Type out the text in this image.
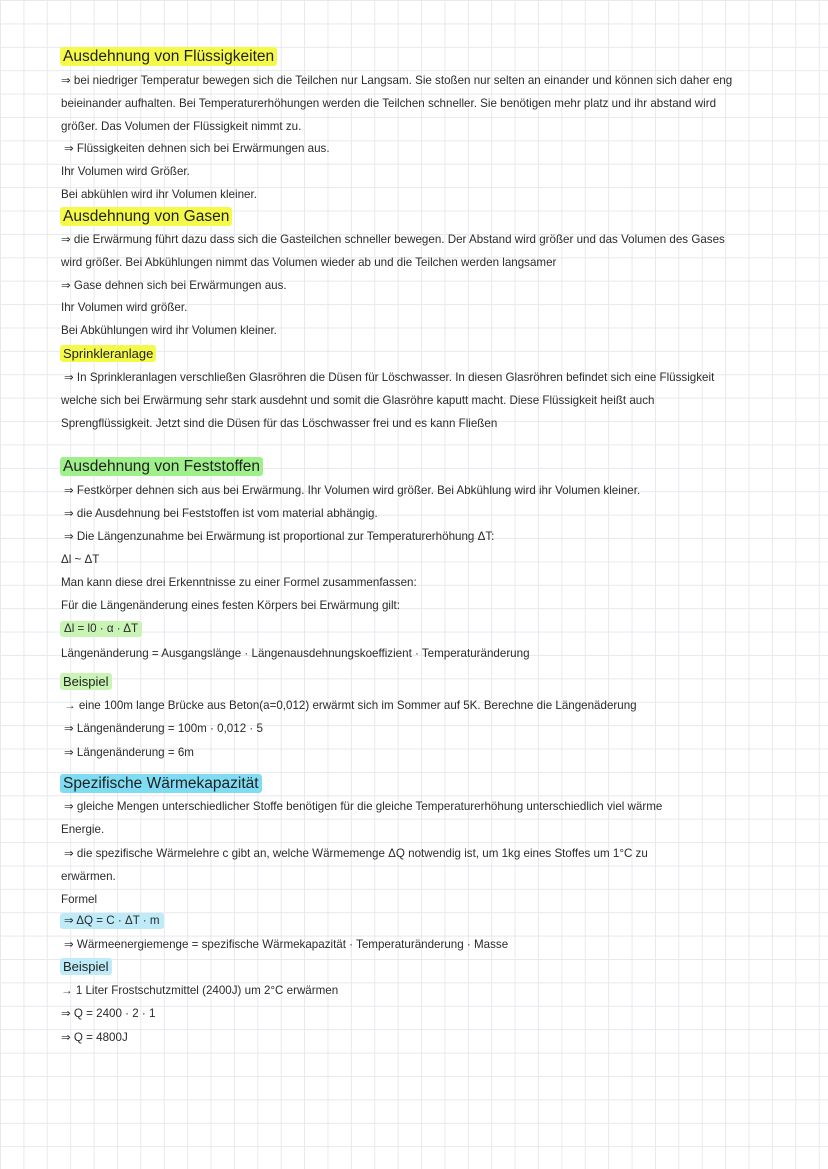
Ausdehnung von Flüssigkeiten
⇒ bei niedriger Temperatur bewegen sich die Teilchen nur Langsam. Sie stoßen nur selten an einander und können sich daher eng
beieinander aufhalten. Bei Temperaturerhöhungen werden die Teilchen schneller. Sie benötigen mehr platz und ihr abstand wird
größer. Das Volumen der Flüssigkeit nimmt zu.
⇒ Flüssigkeiten dehnen sich bei Erwärmungen aus.
Ihr Volumen wird Größer.
Bei abkühlen wird ihr Volumen kleiner.
Ausdehnung von Gasen
⇒ die Erwärmung führt dazu dass sich die Gasteilchen schneller bewegen. Der Abstand wird größer und das Volumen des Gases
wird größer. Bei Abkühlungen nimmt das Volumen wieder ab und die Teilchen werden langsamer
⇒ Gase dehnen sich bei Erwärmungen aus.
Ihr Volumen wird größer.
Bei Abkühlungen wird ihr Volumen kleiner.
Sprinkleranlage
⇒ In Sprinkleranlagen verschließen Glasröhren die Düsen für Löschwasser. In diesen Glasröhren befindet sich eine Flüssigkeit
welche sich bei Erwärmung sehr stark ausdehnt und somit die Glasröhre kaputt macht. Diese Flüssigkeit heißt auch
Sprengflüssigkeit. Jetzt sind die Düsen für das Löschwasser frei und es kann Fließen
Ausdehnung von Feststoffen
⇒ Festkörper dehnen sich aus bei Erwärmung. Ihr Volumen wird größer. Bei Abkühlung wird ihr Volumen kleiner.
⇒ die Ausdehnung bei Feststoffen ist vom material abhängig.
⇒ Die Längenzunahme bei Erwärmung ist proportional zur Temperaturerhöhung ΔT:
Δl ~ ΔT
Man kann diese drei Erkenntnisse zu einer Formel zusammenfassen:
Für die Längenänderung eines festen Körpers bei Erwärmung gilt:
Δl = l0 · α · ΔT
Längenänderung = Ausgangslänge · Längenausdehnungskoeffizient · Temperaturänderung
Beispiel
→ eine 100m lange Brücke aus Beton(a=0,012) erwärmt sich im Sommer auf 5K. Berechne die Längenäderung
⇒ Längenänderung = 100m · 0,012 · 5
⇒ Längenänderung = 6m
Spezifische Wärmekapazität
⇒ gleiche Mengen unterschiedlicher Stoffe benötigen für die gleiche Temperaturerhöhung unterschiedlich viel wärme
Energie.
⇒ die spezifische Wärmelehre c gibt an, welche Wärmemenge ΔQ notwendig ist, um 1kg eines Stoffes um 1°C zu
erwärmen.
Formel
⇒ ΔQ = C · ΔT · m
⇒ Wärmeenergiemenge = spezifische Wärmekapazität · Temperaturänderung · Masse
Beispiel
→ 1 Liter Frostschutzmittel (2400J) um 2°C erwärmen
⇒ Q = 2400 · 2 · 1
⇒ Q = 4800J
